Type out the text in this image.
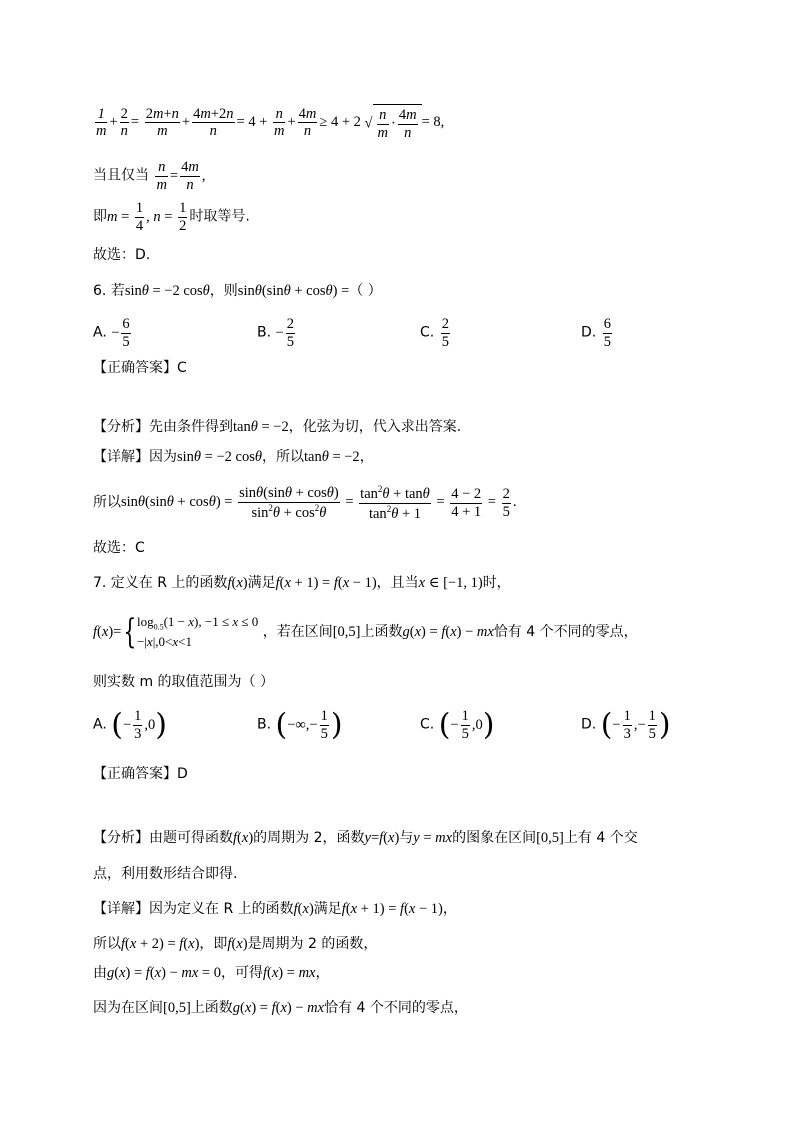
$\frac{1}{m} + \frac{2}{n} = \frac{2m+n}{m} + \frac{4m+2n}{n} = 4 + \frac{n}{m} + \frac{4m}{n} \ge 4 + 2$ √ $\frac{n}{m} \cdot \frac{4m}{n} = 8$,
当且仅当 $\frac{n}{m} = \frac{4m}{n}$ ,
即$m = \frac{1}{4}$ , $n = \frac{1}{2}$ 时取等号.
故选：D.
6. 若sinθ = −2 cosθ，则sinθ(sinθ + cosθ) =（ ）
A. − $\frac{6}{5}$	B. − $\frac{2}{5}$	C. $\frac{2}{5}$	D. $\frac{6}{5}$
【正确答案】C
【分析】先由条件得到tanθ = −2，化弦为切，代入求出答案.
【详解】因为sinθ = −2 cosθ，所以tanθ = −2，
所以$\sin\theta(\sin\theta + \cos\theta) = \frac{\sin\theta(\sin\theta + \cos\theta)}{\sin^2\theta + \cos^2\theta} = \frac{\tan^2\theta + \tan\theta}{\tan^2\theta + 1} = \frac{4 - 2}{4 + 1} = \frac{2}{5}$ .
故选：C
7. 定义在 R 上的函数f(x)满足f(x + 1) = f(x − 1)，且当x ∈ [−1, 1)时，
f(x)={ $\log_{0.5}(1 - x)$, −1 ≤ x ≤ 0
−|x|,0<x<1
，若在区间[0,5]上函数g(x) = f(x) − mx恰有 4 个不同的零点，
则实数 m 的取值范围为（ ）
A. (− $\frac{1}{3} ,0$)	B. (−∞,− $\frac{1}{5}$ )	C. (− $\frac{1}{5} ,0$)	D. (− $\frac{1}{3}$ ,− $\frac{1}{5}$ )
【正确答案】D
【分析】由题可得函数f(x)的周期为 2，函数y=f(x)与y = mx的图象在区间[0,5]上有 4 个交
点，利用数形结合即得.
【详解】因为定义在 R 上的函数f(x)满足f(x + 1) = f(x − 1)，
所以f(x + 2) = f(x)，即f(x)是周期为 2 的函数，
由g(x) = f(x) − mx = 0，可得f(x) = mx，
因为在区间[0,5]上函数g(x) = f(x) − mx恰有 4 个不同的零点，
